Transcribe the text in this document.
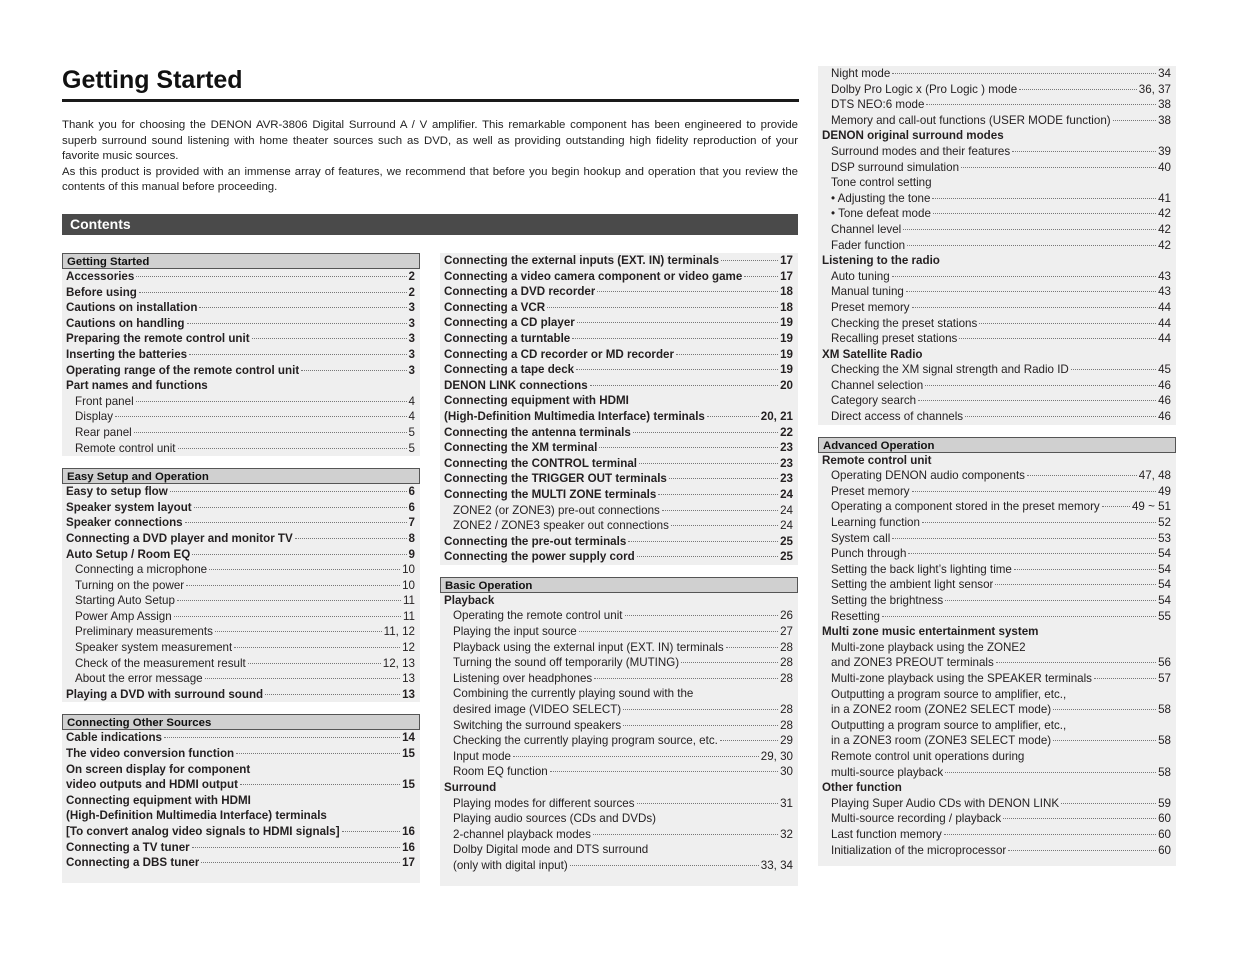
Getting Started

Thank you for choosing the DENON AVR-3806 Digital Surround A / V amplifier. This remarkable component has been engineered to provide superb surround sound listening with home theater sources such as DVD, as well as providing outstanding high fidelity reproduction of your favorite music sources.

As this product is provided with an immense array of features, we recommend that before you begin hookup and operation that you review the contents of this manual before proceeding.

Contents
Getting Started
Accessories	2
Before using	2
Cautions on installation	3
Cautions on handling	3
Preparing the remote control unit	3
Inserting the batteries	3
Operating range of the remote control unit	3
Part names and functions
Front panel	4
Display	4
Rear panel	5
Remote control unit	5
Easy Setup and Operation
Easy to setup flow	6
Speaker system layout	6
Speaker connections	7
Connecting a DVD player and monitor TV	8
Auto Setup / Room EQ	9
Connecting a microphone	10
Turning on the power	10
Starting Auto Setup	11
Power Amp Assign	11
Preliminary measurements	11, 12
Speaker system measurement	12
Check of the measurement result	12, 13
About the error message	13
Playing a DVD with surround sound	13
Connecting Other Sources
Cable indications	14
The video conversion function	15
On screen display for component
video outputs and HDMI output	15
Connecting equipment with HDMI
(High-Definition Multimedia Interface) terminals
[To convert analog video signals to HDMI signals]	16
Connecting a TV tuner	16
Connecting a DBS tuner	17
Connecting the external inputs (EXT. IN) terminals	17
Connecting a video camera component or video game	17
Connecting a DVD recorder	18
Connecting a VCR	18
Connecting a CD player	19
Connecting a turntable	19
Connecting a CD recorder or MD recorder	19
Connecting a tape deck	19
DENON LINK connections	20
Connecting equipment with HDMI
(High-Definition Multimedia Interface) terminals	20, 21
Connecting the antenna terminals	22
Connecting the XM terminal	23
Connecting the CONTROL terminal	23
Connecting the TRIGGER OUT terminals	23
Connecting the MULTI ZONE terminals	24
ZONE2 (or ZONE3) pre-out connections	24
ZONE2 / ZONE3 speaker out connections	24
Connecting the pre-out terminals	25
Connecting the power supply cord	25
Basic Operation
Playback
Operating the remote control unit	26
Playing the input source	27
Playback using the external input (EXT. IN) terminals	28
Turning the sound off temporarily (MUTING)	28
Listening over headphones	28
Combining the currently playing sound with the
desired image (VIDEO SELECT)	28
Switching the surround speakers	28
Checking the currently playing program source, etc.	29
Input mode	29, 30
Room EQ function	30
Surround
Playing modes for different sources	31
Playing audio sources (CDs and DVDs)
2-channel playback modes	32
Dolby Digital mode and DTS surround
(only with digital input)	33, 34
Night mode	34
Dolby Pro Logic x (Pro Logic ) mode	36, 37
DTS NEO:6 mode	38
Memory and call-out functions (USER MODE function)	38
DENON original surround modes
Surround modes and their features	39
DSP surround simulation	40
Tone control setting
• Adjusting the tone	41
• Tone defeat mode	42
Channel level	42
Fader function	42
Listening to the radio
Auto tuning	43
Manual tuning	43
Preset memory	44
Checking the preset stations	44
Recalling preset stations	44
XM Satellite Radio
Checking the XM signal strength and Radio ID	45
Channel selection	46
Category search	46
Direct access of channels	46
Advanced Operation
Remote control unit
Operating DENON audio components	47, 48
Preset memory	49
Operating a component stored in the preset memory	49 ~ 51
Learning function	52
System call	53
Punch through	54
Setting the back light’s lighting time	54
Setting the ambient light sensor	54
Setting the brightness	54
Resetting	55
Multi zone music entertainment system
Multi-zone playback using the ZONE2
and ZONE3 PREOUT terminals	56
Multi-zone playback using the SPEAKER terminals	57
Outputting a program source to amplifier, etc.,
in a ZONE2 room (ZONE2 SELECT mode)	58
Outputting a program source to amplifier, etc.,
in a ZONE3 room (ZONE3 SELECT mode)	58
Remote control unit operations during
multi-source playback	58
Other function
Playing Super Audio CDs with DENON LINK	59
Multi-source recording / playback	60
Last function memory	60
Initialization of the microprocessor	60
